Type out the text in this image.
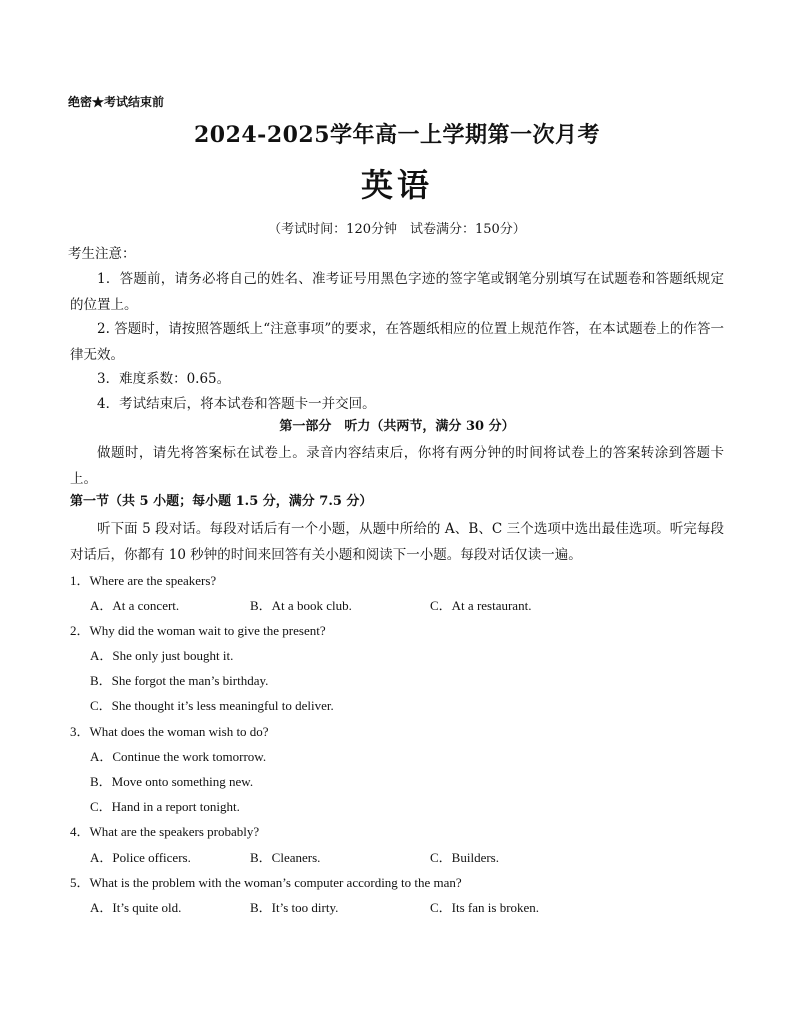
绝密★考试结束前
2024-2025学年高一上学期第一次月考
英语
（考试时间：120分钟　试卷满分：150分）
考生注意：
1．答题前，请务必将自己的姓名、准考证号用黑色字迹的签字笔或钢笔分别填写在试题卷和答题纸规定的位置上。
2. 答题时，请按照答题纸上“注意事项”的要求，在答题纸相应的位置上规范作答，在本试题卷上的作答一律无效。
3．难度系数：0.65。
4．考试结束后，将本试卷和答题卡一并交回。
第一部分　听力（共两节，满分 30 分）
做题时，请先将答案标在试卷上。录音内容结束后，你将有两分钟的时间将试卷上的答案转涂到答题卡上。
第一节（共 5 小题；每小题 1.5 分，满分 7.5 分）
听下面 5 段对话。每段对话后有一个小题，从题中所给的 A、B、C 三个选项中选出最佳选项。听完每段对话后，你都有 10 秒钟的时间来回答有关小题和阅读下一小题。每段对话仅读一遍。
1．Where are the speakers?
A．At a concert.	B．At a book club.	C．At a restaurant.
2．Why did the woman wait to give the present?
A．She only just bought it.
B．She forgot the man’s birthday.
C．She thought it’s less meaningful to deliver.
3．What does the woman wish to do?
A．Continue the work tomorrow.
B．Move onto something new.
C．Hand in a report tonight.
4．What are the speakers probably?
A．Police officers.	B．Cleaners.	C．Builders.
5．What is the problem with the woman’s computer according to the man?
A．It’s quite old.	B．It’s too dirty.	C．Its fan is broken.
